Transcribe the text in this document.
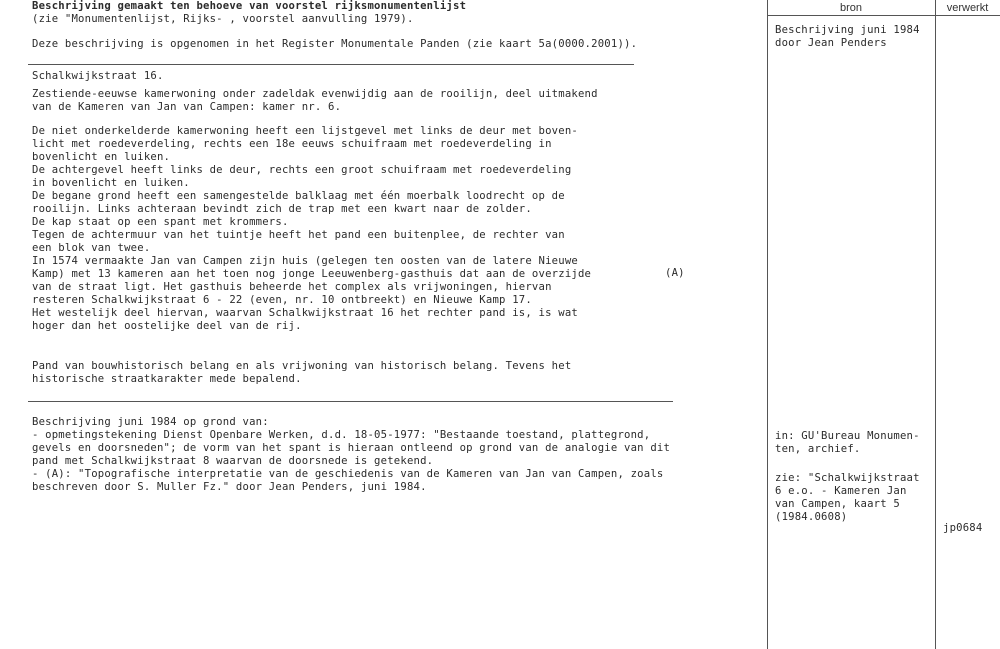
bron	verwerkt
Beschrijving gemaakt ten behoeve van voorstel rijksmonumentenlijst
(zie "Monumentenlijst, Rijks- , voorstel aanvulling 1979).
Deze beschrijving is opgenomen in het Register Monumentale Panden (zie kaart 5a(0000.2001)).
Beschrijving juni 1984
door Jean Penders
Schalkwijkstraat 16.
Zestiende-eeuwse kamerwoning onder zadeldak evenwijdig aan de rooilijn, deel uitmakend
van de Kameren van Jan van Campen: kamer nr. 6.
De niet onderkelderde kamerwoning heeft een lijstgevel met links de deur met boven-
licht met roedeverdeling, rechts een 18e eeuws schuifraam met roedeverdeling in
bovenlicht en luiken.
De achtergevel heeft links de deur, rechts een groot schuifraam met roedeverdeling
in bovenlicht en luiken.
De begane grond heeft een samengestelde balklaag met één moerbalk loodrecht op de
rooilijn. Links achteraan bevindt zich de trap met een kwart naar de zolder.
De kap staat op een spant met krommers.
Tegen de achtermuur van het tuintje heeft het pand een buitenplee, de rechter van
een blok van twee.
In 1574 vermaakte Jan van Campen zijn huis (gelegen ten oosten van de latere Nieuwe
Kamp) met 13 kameren aan het toen nog jonge Leeuwenberg-gasthuis dat aan de overzijde
van de straat ligt. Het gasthuis beheerde het complex als vrijwoningen, hiervan
resteren Schalkwijkstraat 6 - 22 (even, nr. 10 ontbreekt) en Nieuwe Kamp 17.
Het westelijk deel hiervan, waarvan Schalkwijkstraat 16 het rechter pand is, is wat
hoger dan het oostelijke deel van de rij.
(A)
Pand van bouwhistorisch belang en als vrijwoning van historisch belang. Tevens het
historische straatkarakter mede bepalend.
Beschrijving juni 1984 op grond van:
- opmetingstekening Dienst Openbare Werken, d.d. 18-05-1977: "Bestaande toestand, plattegrond,
gevels en doorsneden"; de vorm van het spant is hieraan ontleend op grond van de analogie van dit
pand met Schalkwijkstraat 8 waarvan de doorsnede is getekend.
- (A): "Topografische interpretatie van de geschiedenis van de Kameren van Jan van Campen, zoals
beschreven door S. Muller Fz." door Jean Penders, juni 1984.
in: GU'Bureau Monumen-
ten, archief.
zie: "Schalkwijkstraat
6 e.o. - Kameren Jan
van Campen, kaart 5
(1984.0608)
jp0684
